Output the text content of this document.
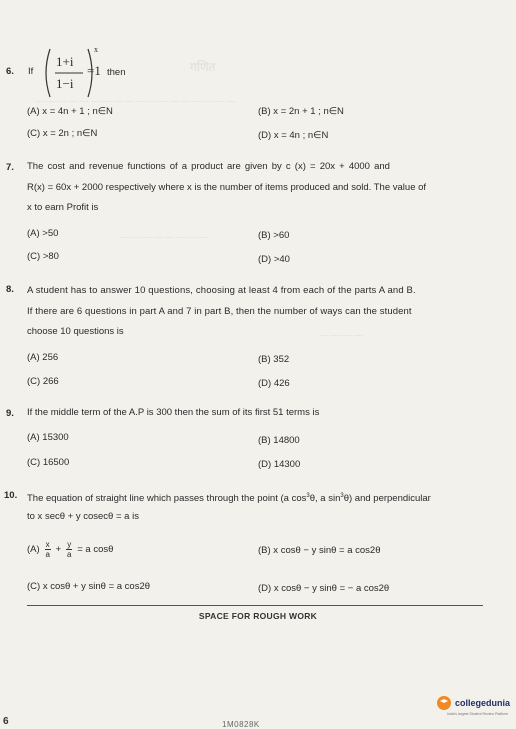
गणित
— — — — — — — — — — — — — — — — — —
— — — — — — — —
— — — —
6. If
1+i
1−i
x
=1 then
(A) x = 4n + 1 ; n∈N	(B) x = 2n + 1 ; n∈N
(C) x = 2n ; n∈N	(D) x = 4n ; n∈N
7. The cost and revenue functions of a product are given by c (x) = 20x + 4000 and
R(x) = 60x + 2000 respectively where x is the number of items produced and sold. The value of
x to earn Profit is
(A) >50	(B) >60
(C) >80	(D) >40
8. A student has to answer 10 questions, choosing at least 4 from each of the parts A and B.
If there are 6 questions in part A and 7 in part B, then the number of ways can the student
choose 10 questions is
(A) 256	(B) 352
(C) 266	(D) 426
9. If the middle term of the A.P is 300 then the sum of its first 51 terms is
(A) 15300	(B) 14800
(C) 16500	(D) 14300
10. The equation of straight line which passes through the point (a $\cos^3\theta$, a $\sin^3\theta$) and perpendicular
to x secθ + y cosecθ = a is
$(A) \frac{x}{a} + \frac{y}{a} = a$ cosθ	(B) x cosθ − y sinθ = a cos2θ
(C) x cosθ + y sinθ = a cos2θ	(D) x cosθ − y sinθ = − a cos2θ
SPACE FOR ROUGH WORK
collegedunia
India's largest Student Review Platform
6	1M0828K
